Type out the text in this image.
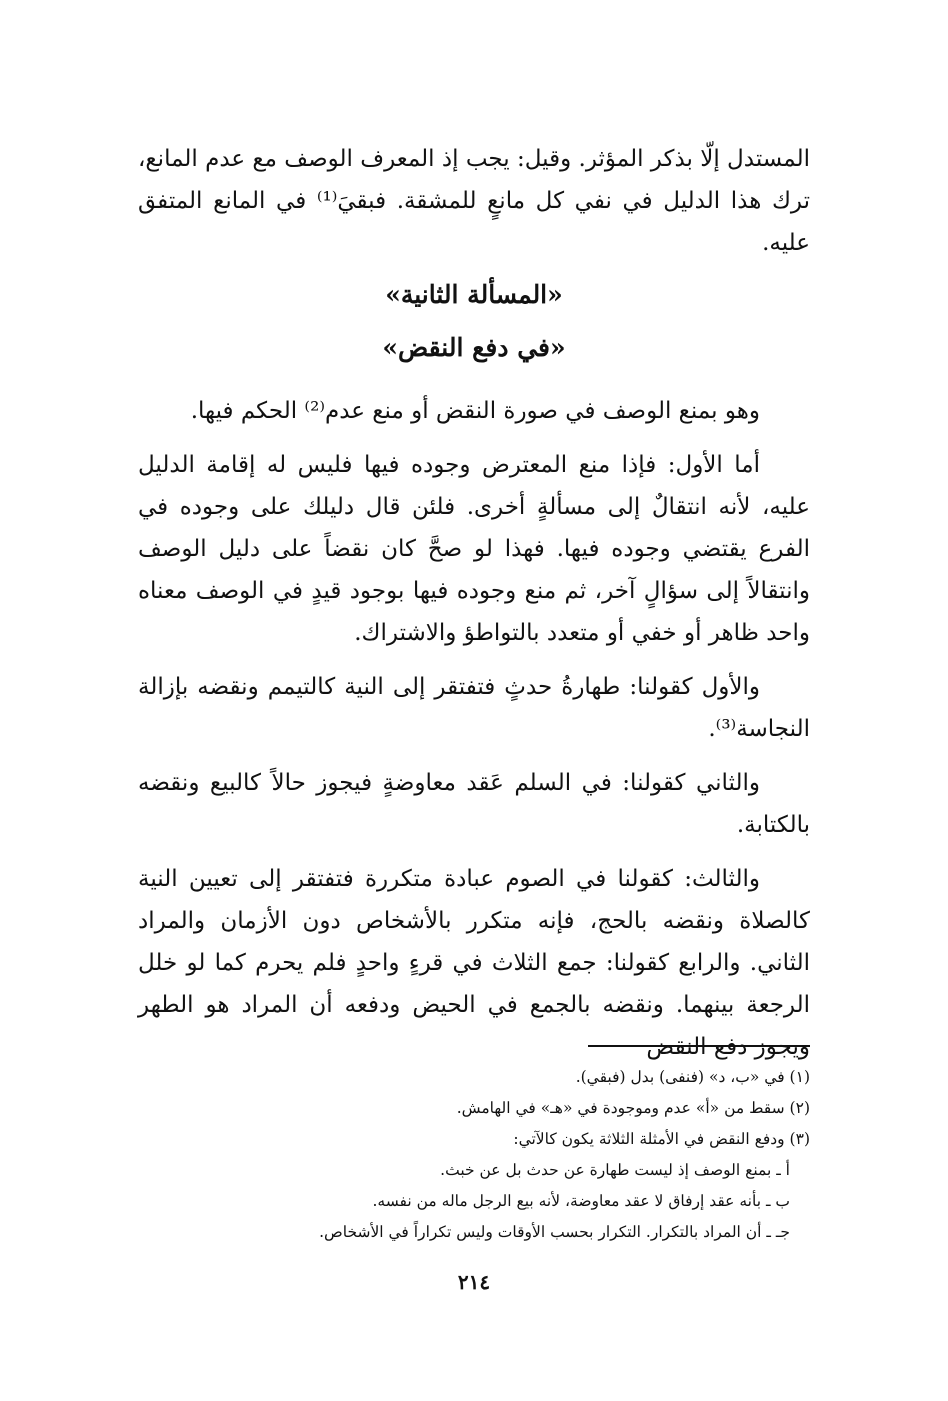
المستدل إلّا بذكر المؤثر. وقيل: يجب إذ المعرف الوصف مع عدم المانع، ترك هذا الدليل في نفي كل مانعٍ للمشقة. فبقيَ⁽¹⁾ في المانع المتفق عليه.

«المسألة الثانية»
«في دفع النقض»

وهو بمنع الوصف في صورة النقض أو منع عدم⁽²⁾ الحكم فيها.

أما الأول: فإذا منع المعترض وجوده فيها فليس له إقامة الدليل عليه، لأنه انتقالٌ إلى مسألةٍ أخرى. فلئن قال دليلك على وجوده في الفرع يقتضي وجوده فيها. فهذا لو صحَّ كان نقضاً على دليل الوصف وانتقالاً إلى سؤالٍ آخر، ثم منع وجوده فيها بوجود قيدٍ في الوصف معناه واحد ظاهر أو خفي أو متعدد بالتواطؤ والاشتراك.

والأول كقولنا: طهارةُ حدثٍ فتفتقر إلى النية كالتيمم ونقضه بإزالة النجاسة⁽³⁾.

والثاني كقولنا: في السلم عَقد معاوضةٍ فيجوز حالاً كالبيع ونقضه بالكتابة.

والثالث: كقولنا في الصوم عبادة متكررة فتفتقر إلى تعيين النية كالصلاة ونقضه بالحج، فإنه متكرر بالأشخاص دون الأزمان والمراد الثاني. والرابع كقولنا: جمع الثلاث في قرءٍ واحدٍ فلم يحرم كما لو خلل الرجعة بينهما. ونقضه بالجمع في الحيض ودفعه أن المراد هو الطهر ويجوز دفع النقض

(١) في «ب، د» (فنفى) بدل (فبقي).

(٢) سقط من «أ» عدم وموجودة في «هـ» في الهامش.

(٣) ودفع النقض في الأمثلة الثلاثة يكون كالآتي:

أ ـ بمنع الوصف إذ ليست طهارة عن حدث بل عن خبث.

ب ـ بأنه عقد إرفاق لا عقد معاوضة، لأنه بيع الرجل ماله من نفسه.

جـ ـ أن المراد بالتكرار. التكرار بحسب الأوقات وليس تكراراً في الأشخاص.

٢١٤
